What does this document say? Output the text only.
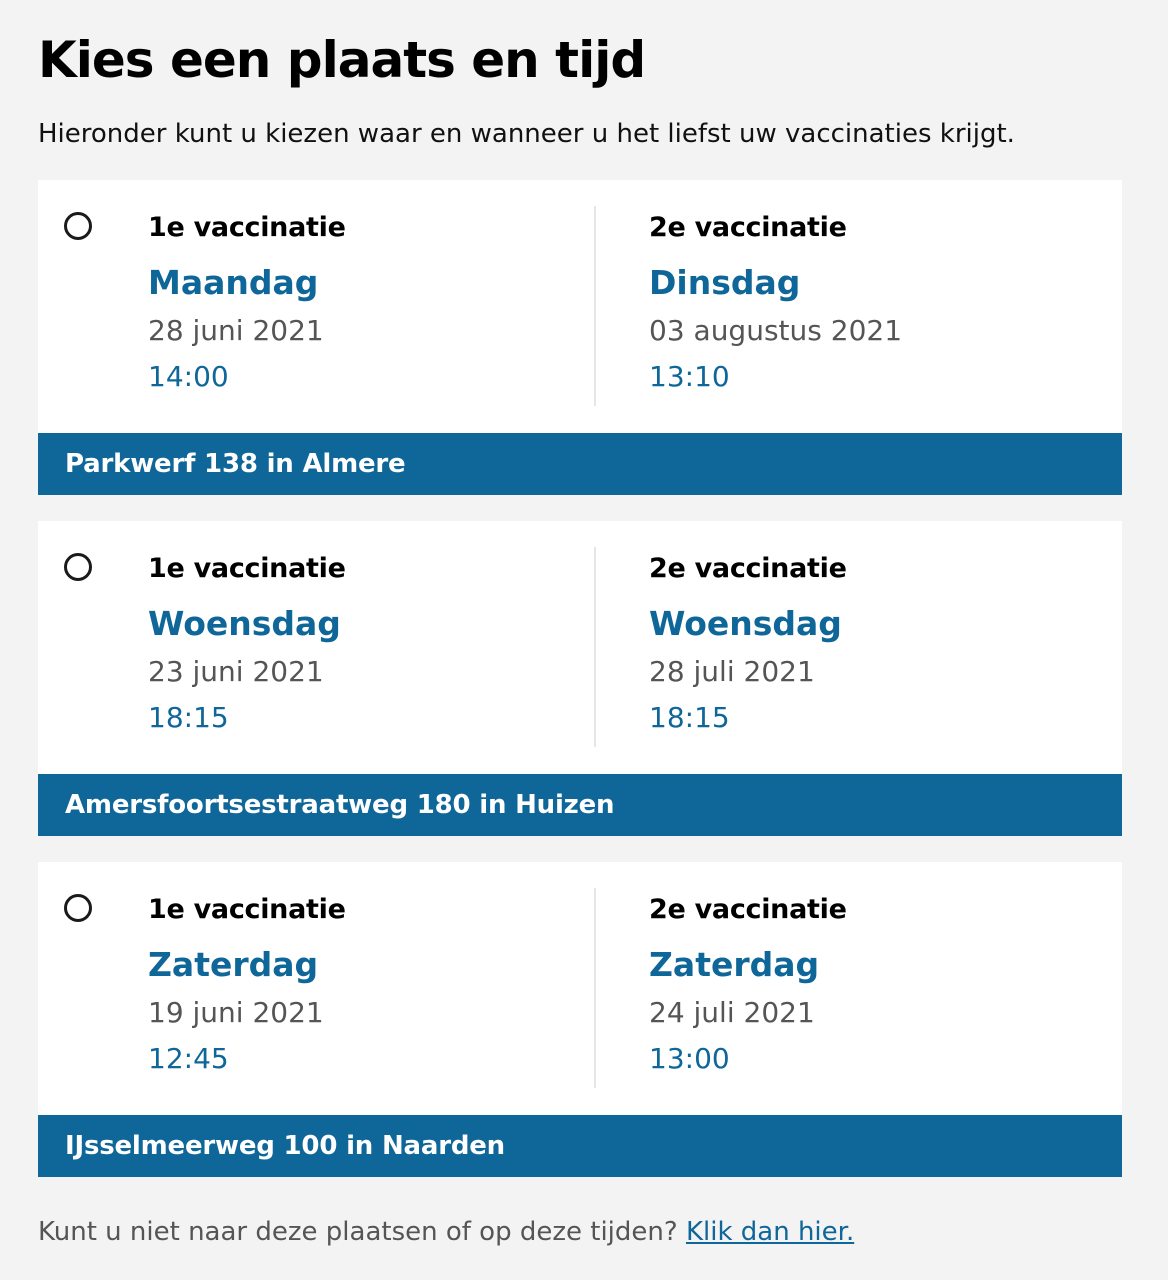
Kies een plaats en tijd
Hieronder kunt u kiezen waar en wanneer u het liefst uw vaccinaties krijgt.
1e vaccinatie
Maandag
28 juni 2021
14:00
2e vaccinatie
Dinsdag
03 augustus 2021
13:10
Parkwerf 138 in Almere
1e vaccinatie
Woensdag
23 juni 2021
18:15
2e vaccinatie
Woensdag
28 juli 2021
18:15
Amersfoortsestraatweg 180 in Huizen
1e vaccinatie
Zaterdag
19 juni 2021
12:45
2e vaccinatie
Zaterdag
24 juli 2021
13:00
IJsselmeerweg 100 in Naarden
Kunt u niet naar deze plaatsen of op deze tijden? Klik dan hier.
